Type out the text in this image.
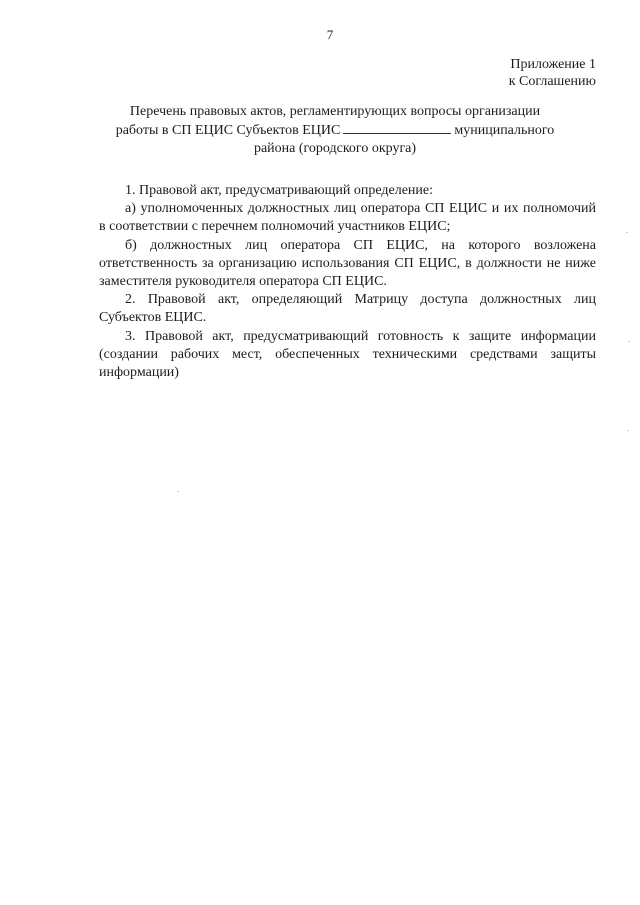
7
Приложение 1
к Соглашению
Перечень правовых актов, регламентирующих вопросы организации
работы в СП ЕЦИС Субъектов ЕЦИС	муниципального
района (городского округа)

1. Правовой акт, предусматривающий определение:

а) уполномоченных должностных лиц оператора СП ЕЦИС и их полномочий в соответствии с перечнем полномочий участников ЕЦИС;

б) должностных лиц оператора СП ЕЦИС, на которого возложена ответственность за организацию использования СП ЕЦИС, в должности не ниже заместителя руководителя оператора СП ЕЦИС.

2. Правовой акт, определяющий Матрицу доступа должностных лиц Субъектов ЕЦИС.

3. Правовой акт, предусматривающий готовность к защите информации (создании рабочих мест, обеспеченных техническими средствами защиты информации)
